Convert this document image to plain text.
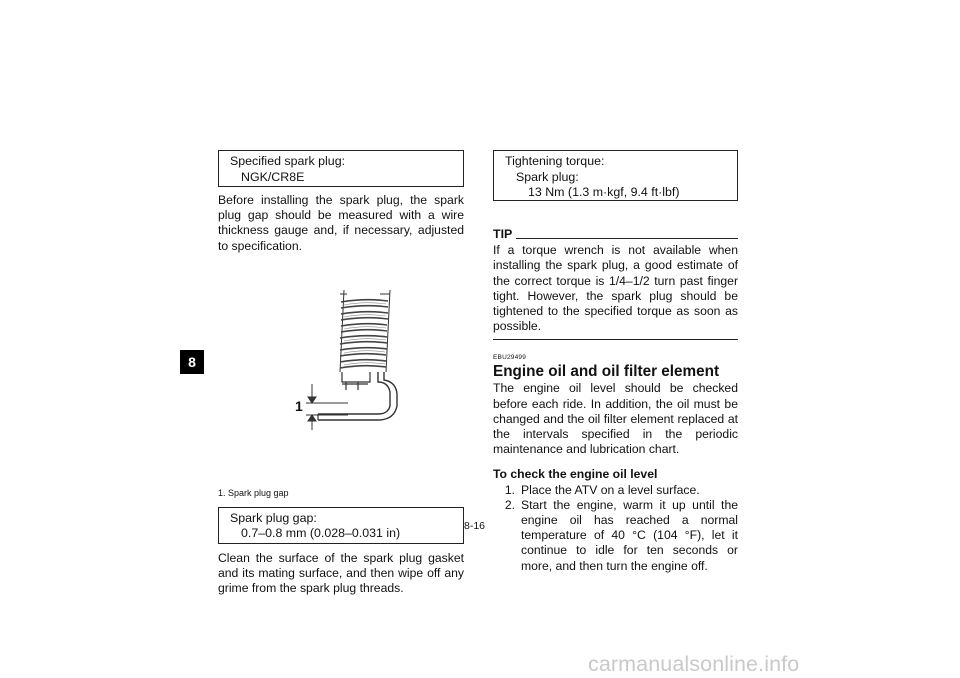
8
Specified spark plug:
NGK/CR8E

Before installing the spark plug, the spark plug gap should be measured with a wire thickness gauge and, if necessary, adjusted to specification.

1

1. Spark plug gap

Spark plug gap:
0.7–0.8 mm (0.028–0.031 in)

Clean the surface of the spark plug gasket and its mating surface, and then wipe off any grime from the spark plug threads.

Tightening torque:
Spark plug:
13 Nm (1.3 m·kgf, 9.4 ft·lbf)
TIP

If a torque wrench is not available when installing the spark plug, a good estimate of the correct torque is 1/4–1/2 turn past finger tight. However, the spark plug should be tightened to the specified torque as soon as possible.

EBU29499
Engine oil and oil filter element

The engine oil level should be checked before each ride. In addition, the oil must be changed and the oil filter element replaced at the intervals specified in the periodic maintenance and lubrication chart.

To check the engine oil level
1. Place the ATV on a level surface.
2. Start the engine, warm it up until the engine oil has reached a normal temperature of 40 °C (104 °F), let it continue to idle for ten seconds or more, and then turn the engine off.
8-16
carmanualsonline.info
